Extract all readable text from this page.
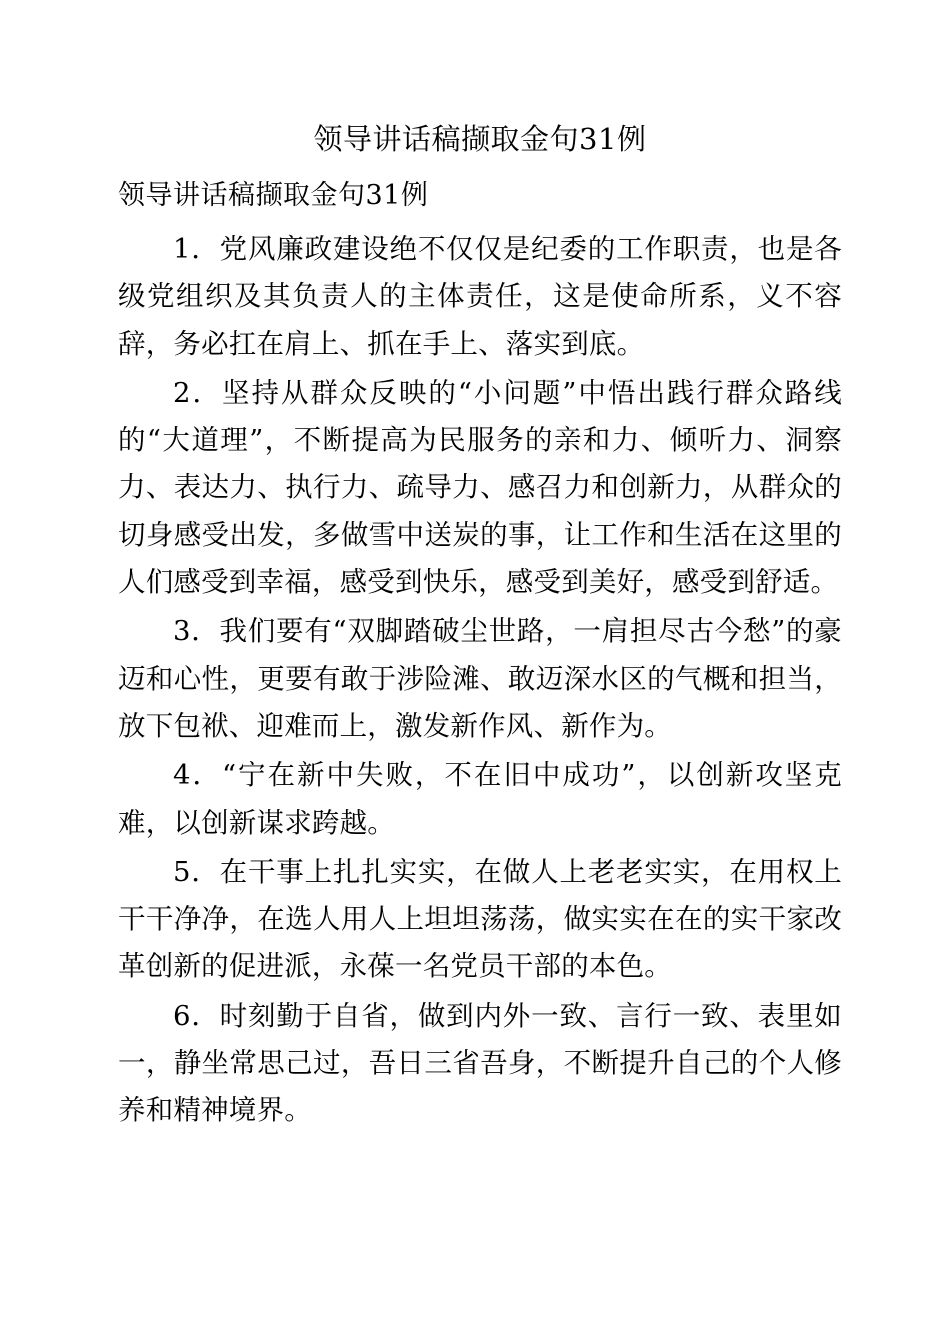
领导讲话稿撷取金句31例
领导讲话稿撷取金句31例

1．党风廉政建设绝不仅仅是纪委的工作职责，也是各级党组织及其负责人的主体责任，这是使命所系，义不容辞，务必扛在肩上、抓在手上、落实到底。

2．坚持从群众反映的“小问题”中悟出践行群众路线的“大道理”，不断提高为民服务的亲和力、倾听力、洞察力、表达力、执行力、疏导力、感召力和创新力，从群众的切身感受出发，多做雪中送炭的事，让工作和生活在这里的人们感受到幸福，感受到快乐，感受到美好，感受到舒适。

3．我们要有“双脚踏破尘世路，一肩担尽古今愁”的豪迈和心性，更要有敢于涉险滩、敢迈深水区的气概和担当，放下包袱、迎难而上，激发新作风、新作为。

4．“宁在新中失败，不在旧中成功”，以创新攻坚克难，以创新谋求跨越。

5．在干事上扎扎实实，在做人上老老实实，在用权上干干净净，在选人用人上坦坦荡荡，做实实在在的实干家改革创新的促进派，永葆一名党员干部的本色。

6．时刻勤于自省，做到内外一致、言行一致、表里如一，静坐常思己过，吾日三省吾身，不断提升自己的个人修养和精神境界。
